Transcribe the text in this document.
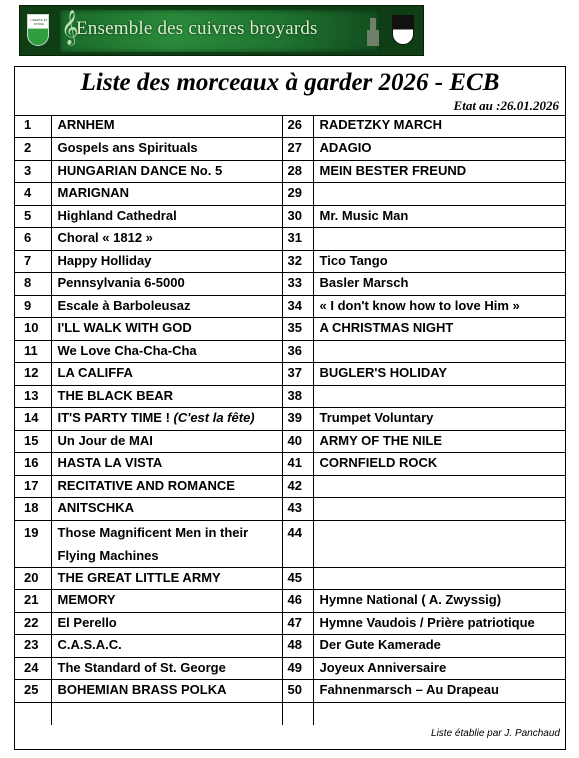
LIBERTE ET PATRIE 𝄞
Ensemble des cuivres broyards
Liste des morceaux à garder 2026 - ECB
Etat au :26.01.2026
1	ARNHEM	26	RADETZKY MARCH
2	Gospels ans Spirituals	27	ADAGIO
3	HUNGARIAN DANCE No. 5	28	MEIN BESTER FREUND
4	MARIGNAN	29	
5	Highland Cathedral	30	Mr. Music Man
6	Choral « 1812 »	31	
7	Happy Holliday	32	Tico Tango
8	Pennsylvania 6-5000	33	Basler Marsch
9	Escale à Barboleusaz	34	« I don't know how to love Him »
10	I'LL WALK WITH GOD	35	A CHRISTMAS NIGHT
11	We Love Cha-Cha-Cha	36	
12	LA CALIFFA	37	BUGLER'S HOLIDAY
13	THE BLACK BEAR	38	
14	IT'S PARTY TIME ! (C'est la fête)	39	Trumpet Voluntary
15	Un Jour de MAI	40	ARMY OF THE NILE
16	HASTA LA VISTA	41	CORNFIELD ROCK
17	RECITATIVE AND ROMANCE	42	
18	ANITSCHKA	43	
19	Those Magnificent Men in their Flying Machines	44	
20	THE GREAT LITTLE ARMY	45	
21	MEMORY	46	Hymne National ( A. Zwyssig)
22	El Perello	47	Hymne Vaudois / Prière patriotique
23	C.A.S.A.C.	48	Der Gute Kamerade
24	The Standard of St. George	49	Joyeux Anniversaire
25	BOHEMIAN BRASS POLKA	50	Fahnenmarsch – Au Drapeau

Liste établie par J. Panchaud
